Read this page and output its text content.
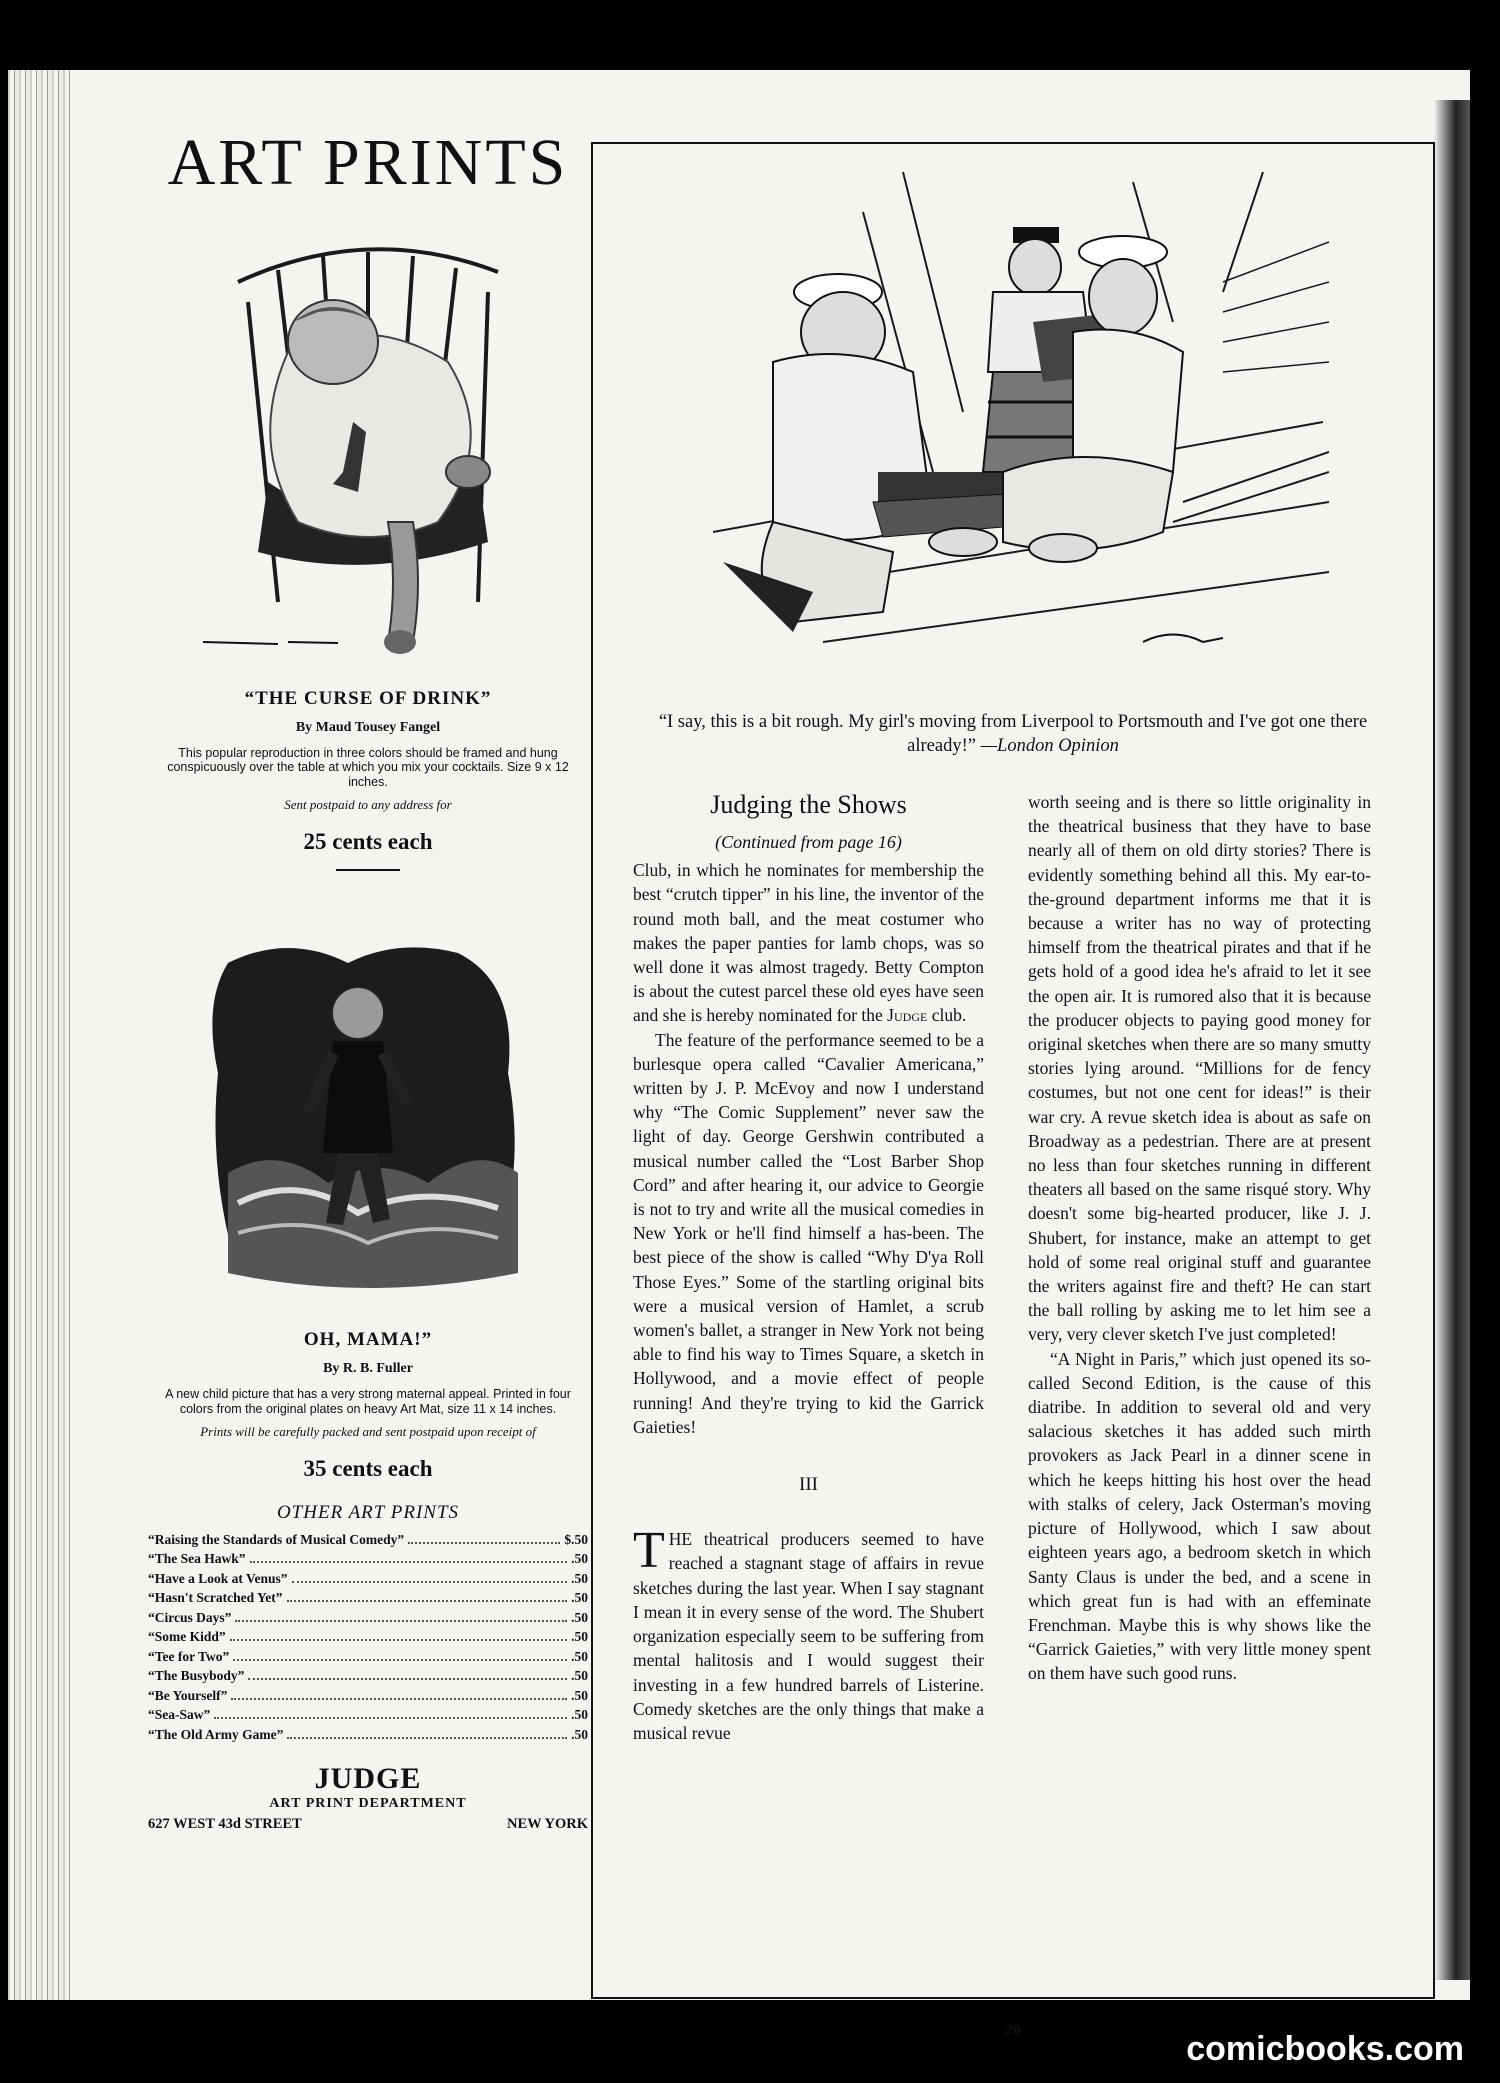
ART PRINTS
“THE CURSE OF DRINK”
By Maud Tousey Fangel
This popular reproduction in three colors should be framed and hung conspicuously over the table at which you mix your cocktails. Size 9 x 12 inches.
Sent postpaid to any address for
25 cents each
OH, MAMA!”
By R. B. Fuller
A new child picture that has a very strong maternal appeal. Printed in four colors from the original plates on heavy Art Mat, size 11 x 14 inches.
Prints will be carefully packed and sent postpaid upon receipt of
35 cents each
OTHER ART PRINTS
“Raising the Standards of Musical Comedy”	$.50
“The Sea Hawk”	.50
“Have a Look at Venus”	.50
“Hasn't Scratched Yet”	.50
“Circus Days”	.50
“Some Kidd”	.50
“Tee for Two”	.50
“The Busybody”	.50
“Be Yourself”	.50
“Sea-Saw”	.50
“The Old Army Game”	.50
JUDGE
ART PRINT DEPARTMENT
627 WEST 43d STREET	NEW YORK
“I say, this is a bit rough. My girl's moving from Liverpool to Portsmouth and I've got one there already!” —London Opinion
Judging the Shows
(Continued from page 16)

Club, in which he nominates for membership the best “crutch tipper” in his line, the inventor of the round moth ball, and the meat costumer who makes the paper panties for lamb chops, was so well done it was almost tragedy. Betty Compton is about the cutest parcel these old eyes have seen and she is hereby nominated for the Judge club.

The feature of the performance seemed to be a burlesque opera called “Cavalier Americana,” written by J. P. McEvoy and now I understand why “The Comic Supplement” never saw the light of day. George Gershwin contributed a musical number called the “Lost Barber Shop Cord” and after hearing it, our advice to Georgie is not to try and write all the musical comedies in New York or he'll find himself a has-been. The best piece of the show is called “Why D'ya Roll Those Eyes.” Some of the startling original bits were a musical version of Hamlet, a scrub women's ballet, a stranger in New York not being able to find his way to Times Square, a sketch in Hollywood, and a movie effect of people running! And they're trying to kid the Garrick Gaieties!

III

THE theatrical producers seemed to have reached a stagnant stage of affairs in revue sketches during the last year. When I say stagnant I mean it in every sense of the word. The Shubert organization especially seem to be suffering from mental halitosis and I would suggest their investing in a few hundred barrels of Listerine. Comedy sketches are the only things that make a musical revue

worth seeing and is there so little originality in the theatrical business that they have to base nearly all of them on old dirty stories? There is evidently something behind all this. My ear-to-the-ground department informs me that it is because a writer has no way of protecting himself from the theatrical pirates and that if he gets hold of a good idea he's afraid to let it see the open air. It is rumored also that it is because the producer objects to paying good money for original sketches when there are so many smutty stories lying around. “Millions for de fency costumes, but not one cent for ideas!” is their war cry. A revue sketch idea is about as safe on Broadway as a pedestrian. There are at present no less than four sketches running in different theaters all based on the same risqué story. Why doesn't some big-hearted producer, like J. J. Shubert, for instance, make an attempt to get hold of some real original stuff and guarantee the writers against fire and theft? He can start the ball rolling by asking me to let him see a very, very clever sketch I've just completed!

“A Night in Paris,” which just opened its so-called Second Edition, is the cause of this diatribe. In addition to several old and very salacious sketches it has added such mirth provokers as Jack Pearl in a dinner scene in which he keeps hitting his host over the head with stalks of celery, Jack Osterman's moving picture of Hollywood, which I saw about eighteen years ago, a bedroom sketch in which Santy Claus is under the bed, and a scene in which great fun is had with an effeminate Frenchman. Maybe this is why shows like the “Garrick Gaieties,” with very little money spent on them have such good runs.

26	comicbooks.com
